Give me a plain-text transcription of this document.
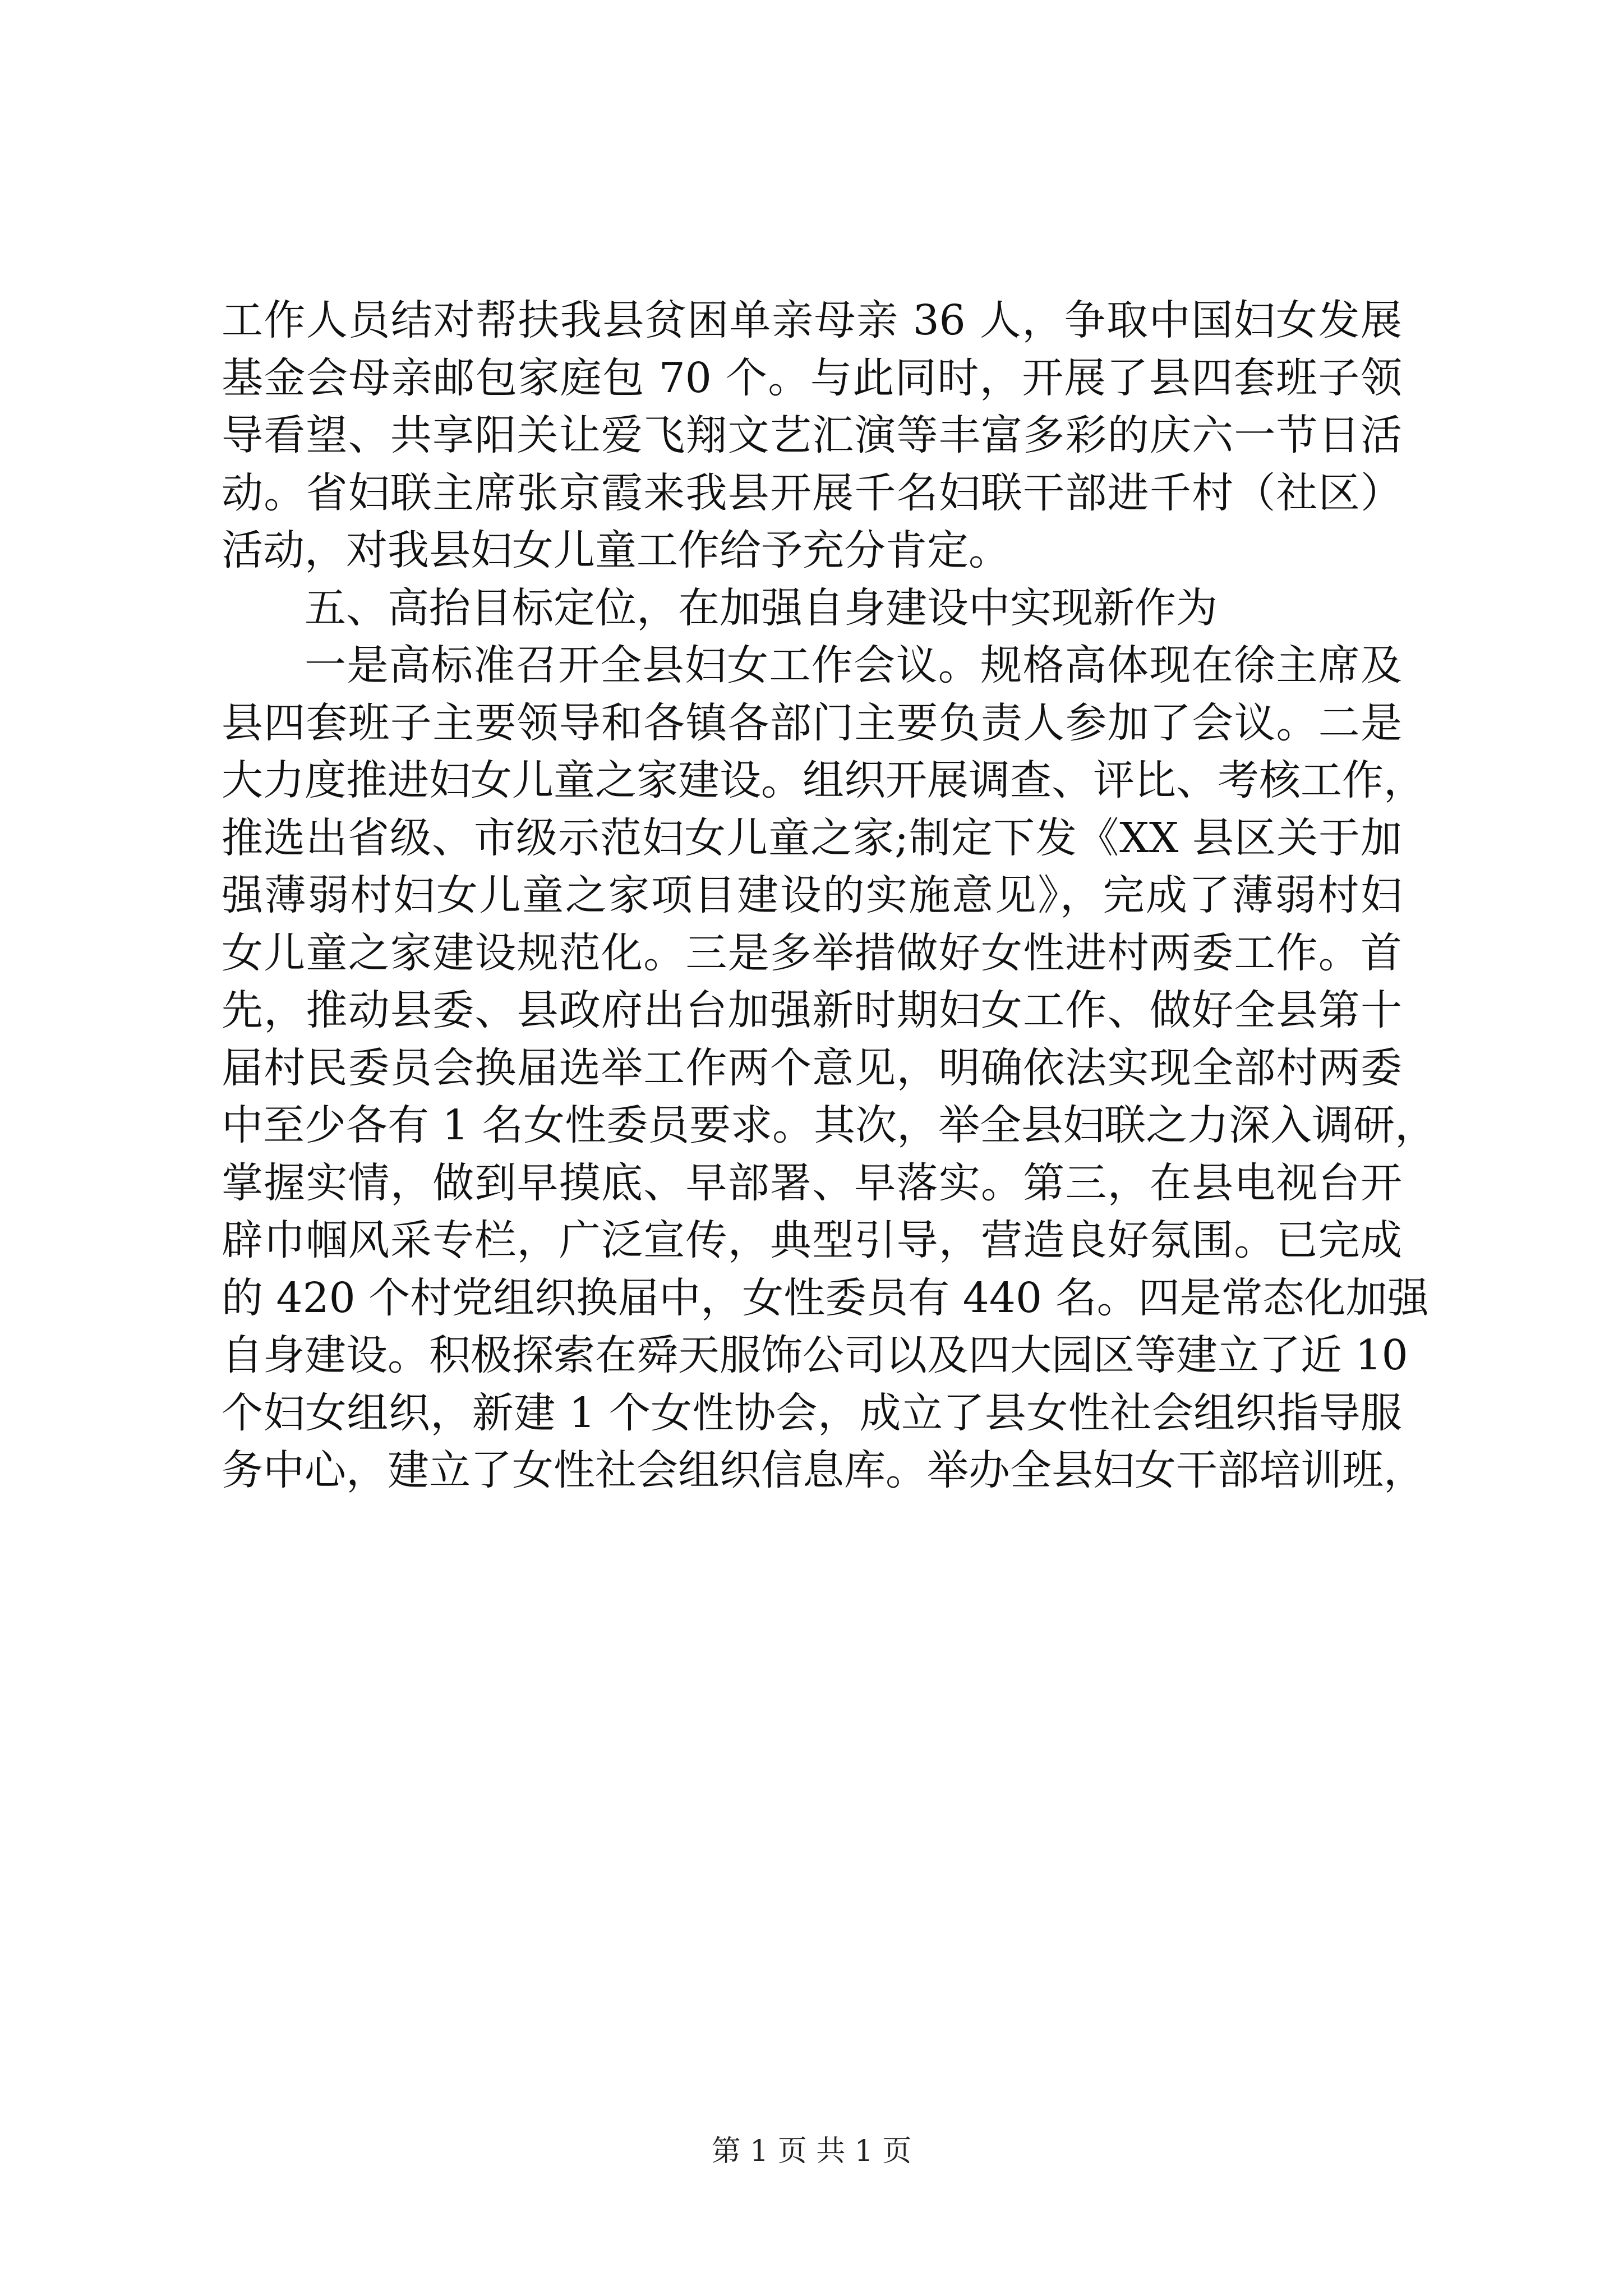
工作人员结对帮扶我县贫困单亲母亲 36 人，争取中国妇女发展
基金会母亲邮包家庭包 70 个。与此同时，开展了县四套班子领
导看望、共享阳关让爱飞翔文艺汇演等丰富多彩的庆六一节日活
动。省妇联主席张京霞来我县开展千名妇联干部进千村（社区）
活动，对我县妇女儿童工作给予充分肯定。
五、高抬目标定位，在加强自身建设中实现新作为
一是高标准召开全县妇女工作会议。规格高体现在徐主席及
县四套班子主要领导和各镇各部门主要负责人参加了会议。二是
大力度推进妇女儿童之家建设。组织开展调查、评比、考核工作，
推选出省级、市级示范妇女儿童之家;制定下发《XX 县区关于加
强薄弱村妇女儿童之家项目建设的实施意见》，完成了薄弱村妇
女儿童之家建设规范化。三是多举措做好女性进村两委工作。首
先，推动县委、县政府出台加强新时期妇女工作、做好全县第十
届村民委员会换届选举工作两个意见，明确依法实现全部村两委
中至少各有 1 名女性委员要求。其次，举全县妇联之力深入调研，
掌握实情，做到早摸底、早部署、早落实。第三，在县电视台开
辟巾帼风采专栏，广泛宣传，典型引导，营造良好氛围。已完成
的 420 个村党组织换届中，女性委员有 440 名。四是常态化加强
自身建设。积极探索在舜天服饰公司以及四大园区等建立了近 10
个妇女组织，新建 1 个女性协会，成立了县女性社会组织指导服
务中心，建立了女性社会组织信息库。举办全县妇女干部培训班，
第 1 页 共 1 页
